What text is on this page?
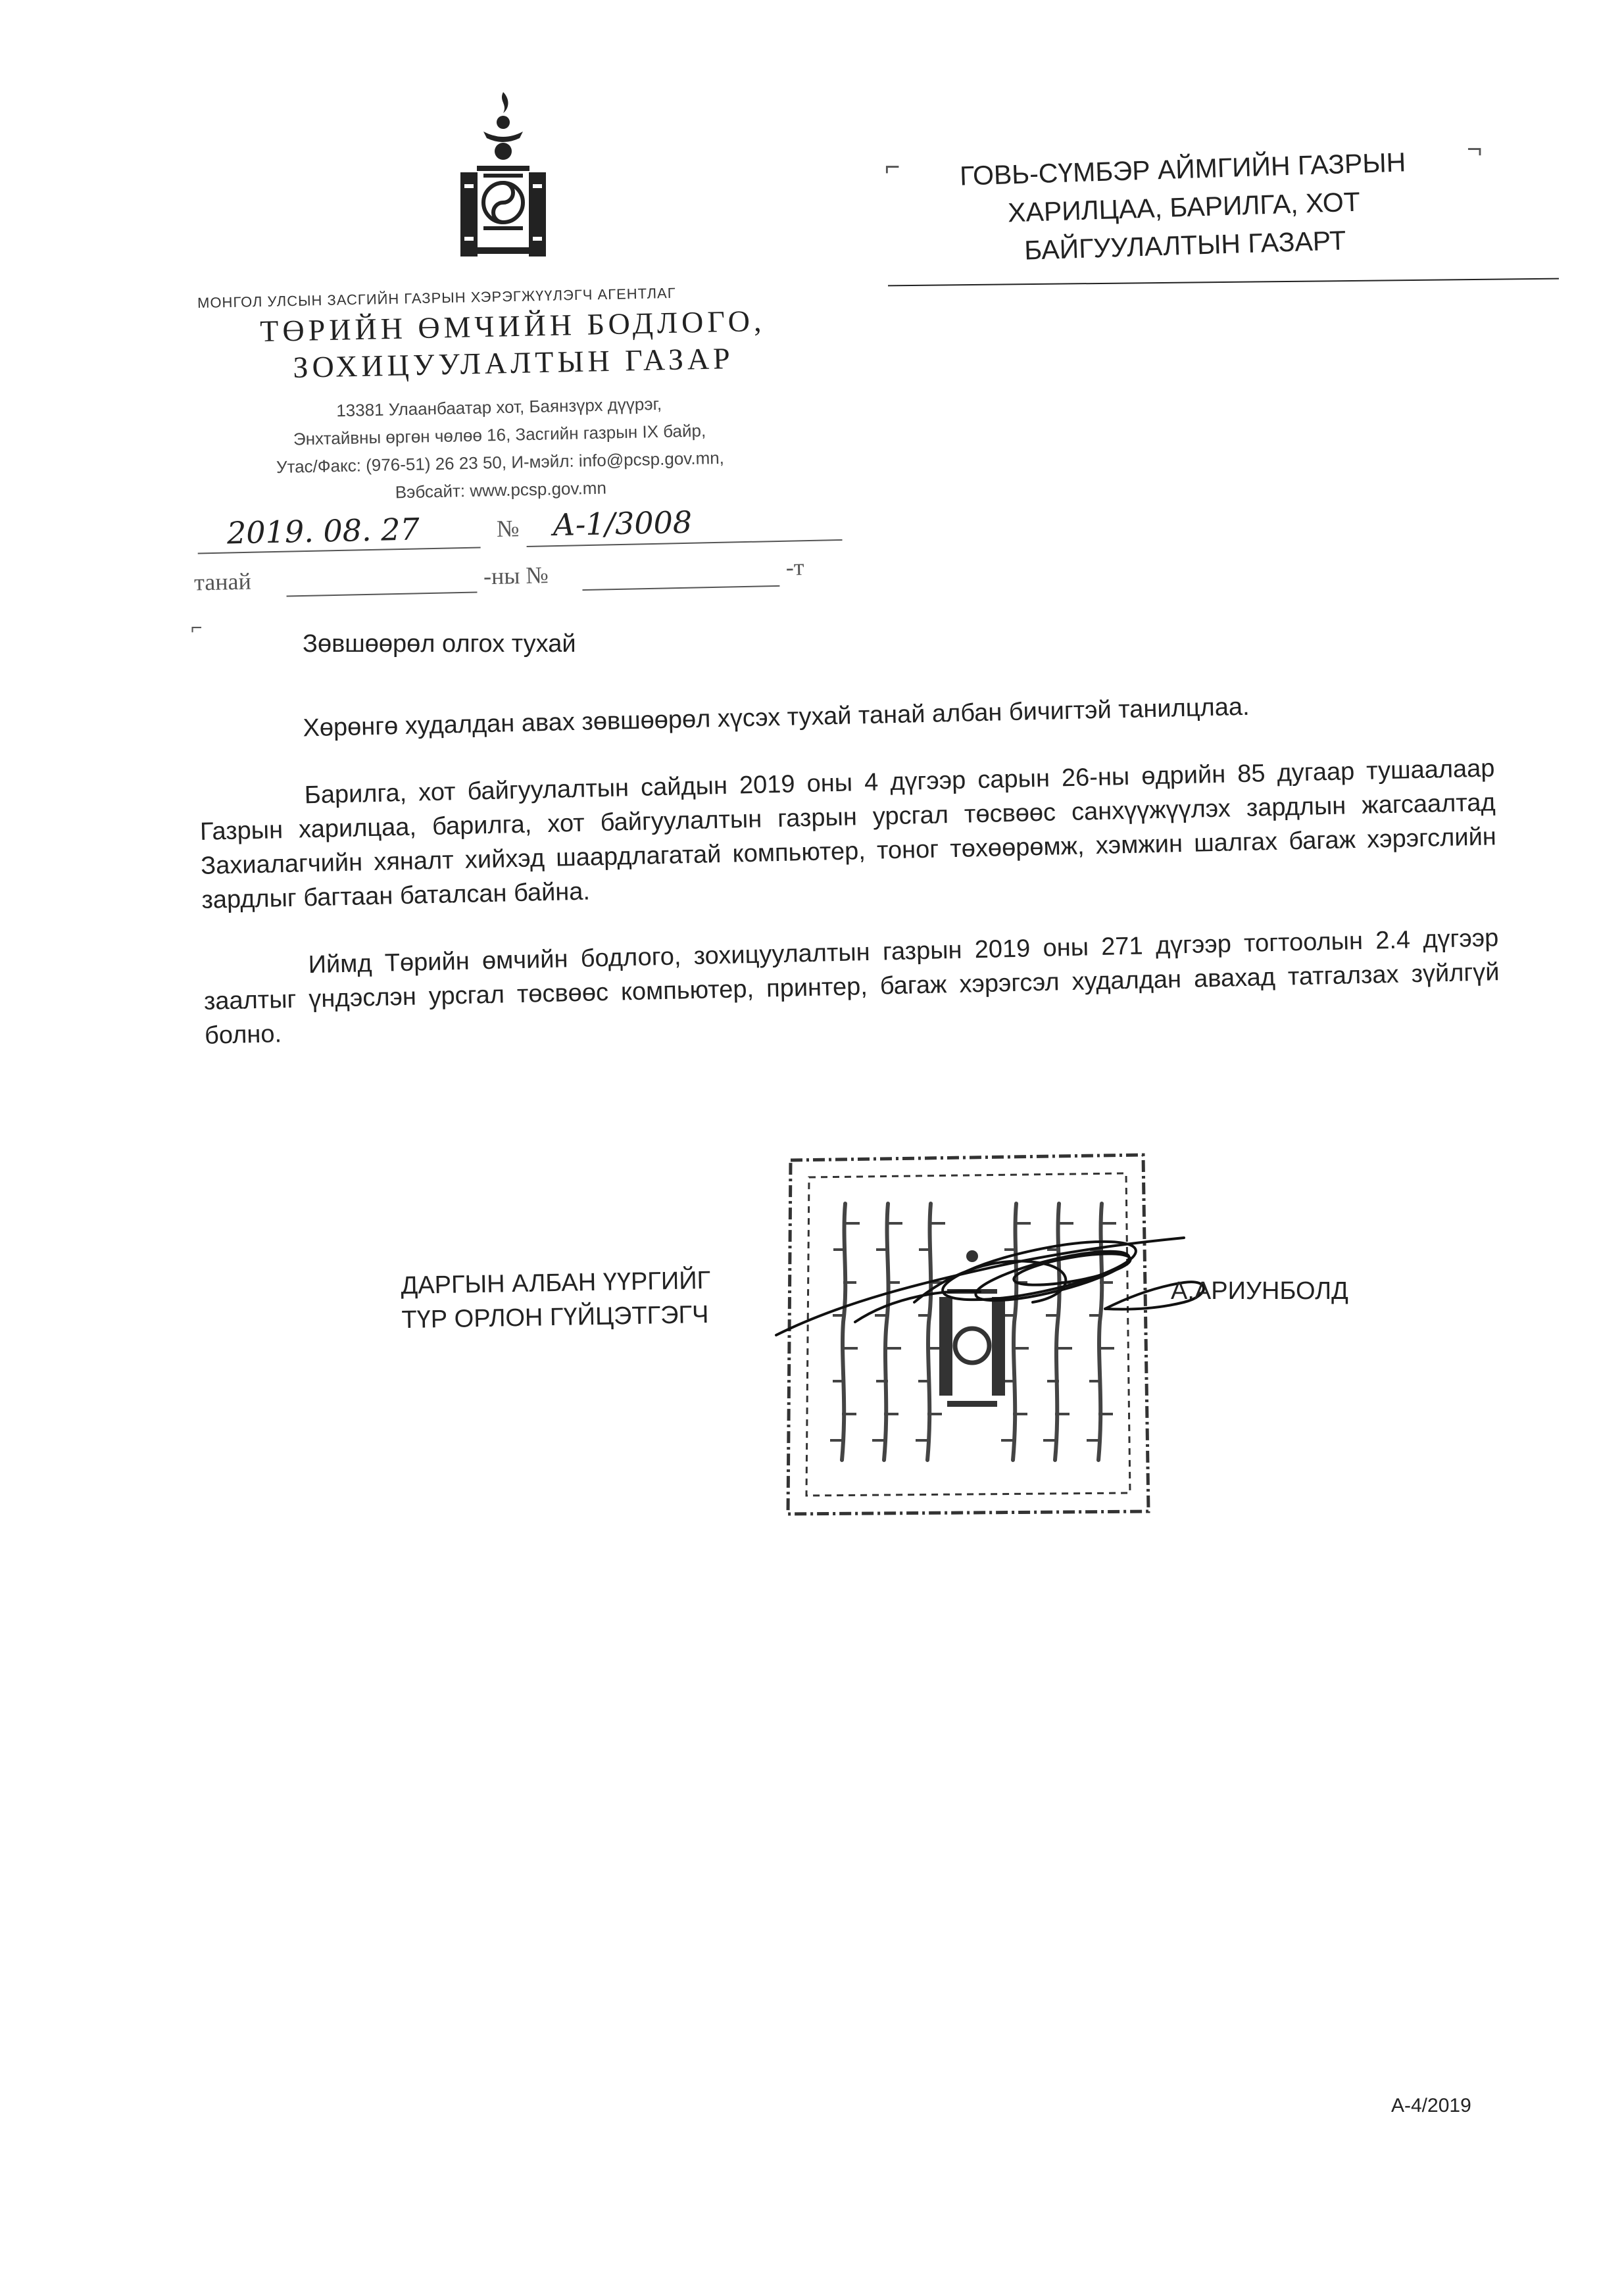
МОНГОЛ УЛСЫН ЗАСГИЙН ГАЗРЫН ХЭРЭГЖҮҮЛЭГЧ АГЕНТЛАГ
ТӨРИЙН ӨМЧИЙН БОДЛОГО,
ЗОХИЦУУЛАЛТЫН ГАЗАР
13381 Улаанбаатар хот, Баянзүрх дүүрэг,
Энхтайвны өргөн чөлөө 16, Засгийн газрын IX байр,
Утас/Факс: (976-51) 26 23 50, И-мэйл: info@pcsp.gov.mn,
Вэбсайт: www.pcsp.gov.mn
⌐
¬
ГОВЬ-СҮМБЭР АЙМГИЙН ГАЗРЫН
ХАРИЛЦАА, БАРИЛГА, ХОТ
БАЙГУУЛАЛТЫН ГАЗАРТ
2019. 08. 27	№ А-1/3008
танай	-ны №	-т
⌐
Зөвшөөрөл олгох тухай

Хөрөнгө худалдан авах зөвшөөрөл хүсэх тухай танай албан бичигтэй танилцлаа.

Барилга, хот байгуулалтын сайдын 2019 оны 4 дүгээр сарын 26-ны өдрийн 85 дугаар тушаалаар Газрын харилцаа, барилга, хот байгуулалтын газрын урсгал төсвөөс санхүүжүүлэх зардлын жагсаалтад Захиалагчийн хяналт хийхэд шаардлагатай компьютер, тоног төхөөрөмж, хэмжин шалгах багаж хэрэгслийн зардлыг багтаан баталсан байна.

Иймд Төрийн өмчийн бодлого, зохицуулалтын газрын 2019 оны 271 дүгээр тогтоолын 2.4 дүгээр заалтыг үндэслэн урсгал төсвөөс компьютер, принтер, багаж хэрэгсэл худалдан авахад татгалзах зүйлгүй болно.

ДАРГЫН АЛБАН ҮҮРГИЙГ
ТҮР ОРЛОН ГҮЙЦЭТГЭГЧ
А.АРИУНБОЛД
А-4/2019
